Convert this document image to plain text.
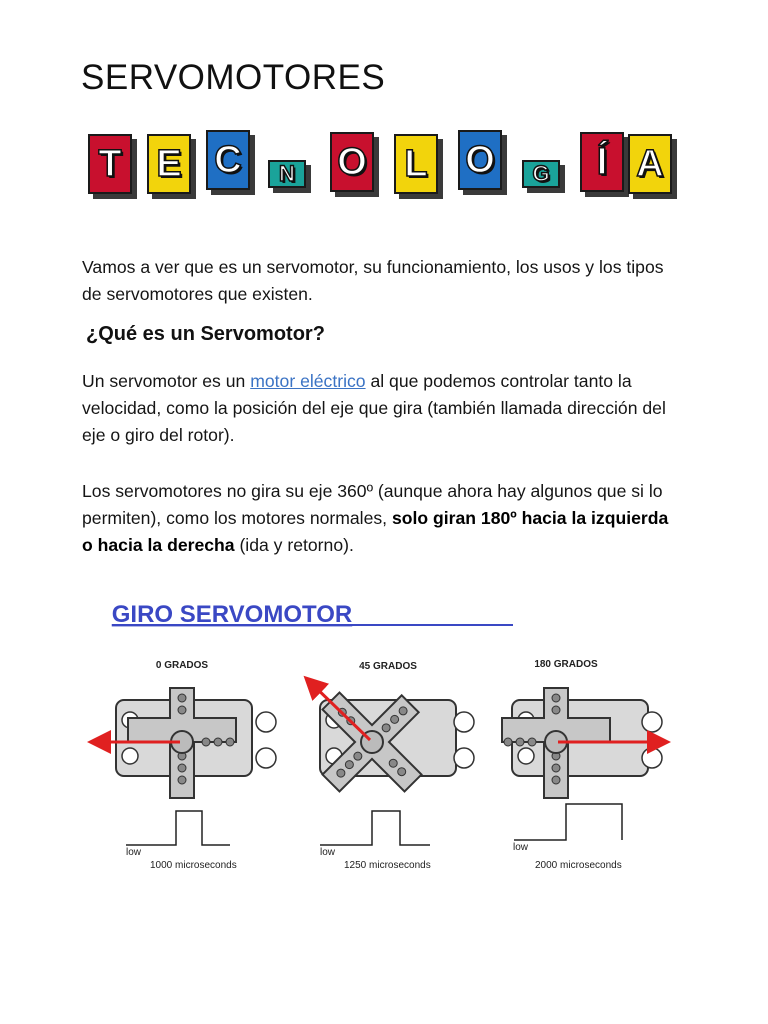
SERVOMOTORES
T E C N O L O G Í A

Vamos a ver que es un servomotor, su funcionamiento, los usos y los tipos de servomotores que existen.

¿Qué es un Servomotor?

Un servomotor es un motor eléctrico al que podemos controlar tanto la velocidad, como la posición del eje que gira (también llamada dirección del eje o giro del rotor).

Los servomotores no gira su eje 360º (aunque ahora hay algunos que si lo permiten), como los motores normales, solo giran 180º hacia la izquierda o hacia la derecha (ida y retorno).

GIRO SERVOMOTOR
0 GRADOS
low
1000 microseconds
45 GRADOS
low
1250 microseconds
180 GRADOS
low
2000 microseconds
